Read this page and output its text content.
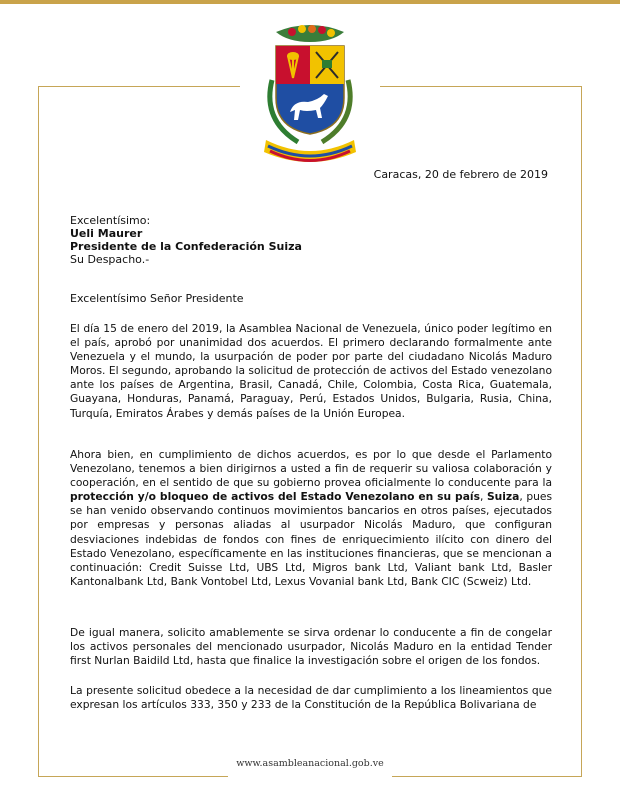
Caracas, 20 de febrero de 2019
Excelentísimo:
Ueli Maurer
Presidente de la Confederación Suiza
Su Despacho.-
Excelentísimo Señor Presidente

El día 15 de enero del 2019, la Asamblea Nacional de Venezuela, único poder legítimo en el país, aprobó por unanimidad dos acuerdos. El primero declarando formalmente ante Venezuela y el mundo, la usurpación de poder por parte del ciudadano Nicolás Maduro Moros. El segundo, aprobando la solicitud de protección de activos del Estado venezolano ante los países de Argentina, Brasil, Canadá, Chile, Colombia, Costa Rica, Guatemala, Guayana, Honduras, Panamá, Paraguay, Perú, Estados Unidos, Bulgaria, Rusia, China, Turquía, Emiratos Árabes y demás países de la Unión Europea.

Ahora bien, en cumplimiento de dichos acuerdos, es por lo que desde el Parlamento Venezolano, tenemos a bien dirigirnos a usted a fin de requerir su valiosa colaboración y cooperación, en el sentido de que su gobierno provea oficialmente lo conducente para la protección y/o bloqueo de activos del Estado Venezolano en su país, Suiza, pues se han venido observando continuos movimientos bancarios en otros países, ejecutados por empresas y personas aliadas al usurpador Nicolás Maduro, que configuran desviaciones indebidas de fondos con fines de enriquecimiento ilícito con dinero del Estado Venezolano, específicamente en las instituciones financieras, que se mencionan a continuación: Credit Suisse Ltd, UBS Ltd, Migros bank Ltd, Valiant bank Ltd, Basler Kantonalbank Ltd, Bank Vontobel Ltd, Lexus Vovanial bank Ltd, Bank CIC (Scweiz) Ltd.

De igual manera, solicito amablemente se sirva ordenar lo conducente a fin de congelar los activos personales del mencionado usurpador, Nicolás Maduro en la entidad Tender first Nurlan Baidild Ltd, hasta que finalice la investigación sobre el origen de los fondos.

La presente solicitud obedece a la necesidad de dar cumplimiento a los lineamientos que expresan los artículos 333, 350 y 233 de la Constitución de la República Bolivariana de

www.asambleanacional.gob.ve
